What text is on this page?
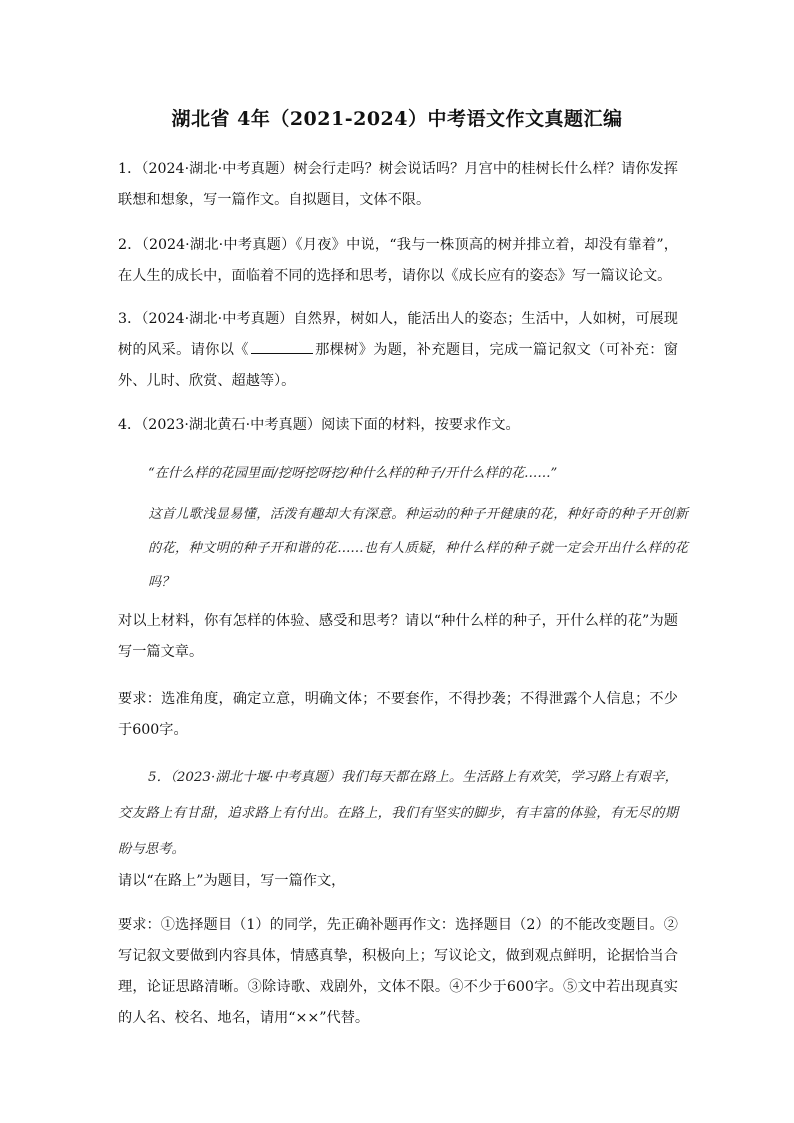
湖北省 4年（2021-2024）中考语文作文真题汇编
1．（2024·湖北·中考真题）树会行走吗？树会说话吗？月宫中的桂树长什么样？请你发挥联想和想象，写一篇作文。自拟题目，文体不限。
2．（2024·湖北·中考真题）《月夜》中说，“我与一株顶高的树并排立着，却没有靠着”，在人生的成长中，面临着不同的选择和思考，请你以《成长应有的姿态》写一篇议论文。
3．（2024·湖北·中考真题）自然界，树如人，能活出人的姿态；生活中，人如树，可展现树的风采。请你以《	那棵树》为题，补充题目，完成一篇记叙文（可补充：窗外、儿时、欣赏、超越等）。
4．（2023·湖北黄石·中考真题）阅读下面的材料，按要求作文。
“在什么样的花园里面/挖呀挖呀挖/种什么样的种子/开什么样的花……”
这首儿歌浅显易懂，活泼有趣却大有深意。种运动的种子开健康的花，种好奇的种子开创新的花，种文明的种子开和谐的花……也有人质疑，种什么样的种子就一定会开出什么样的花吗？
对以上材料，你有怎样的体验、感受和思考？请以“种什么样的种子，开什么样的花”为题写一篇文章。
要求：选准角度，确定立意，明确文体；不要套作，不得抄袭；不得泄露个人信息；不少于600字。
5．（2023·湖北十堰·中考真题）我们每天都在路上。生活路上有欢笑，学习路上有艰辛，交友路上有甘甜，追求路上有付出。在路上，我们有坚实的脚步，有丰富的体验，有无尽的期盼与思考。
请以“在路上”为题目，写一篇作文，
要求：①选择题目（1）的同学，先正确补题再作文：选择题目（2）的不能改变题目。②写记叙文要做到内容具体，情感真挚，积极向上；写议论文，做到观点鲜明，论据恰当合理，论证思路清晰。③除诗歌、戏剧外，文体不限。④不少于600字。⑤文中若出现真实的人名、校名、地名，请用“××”代替。
